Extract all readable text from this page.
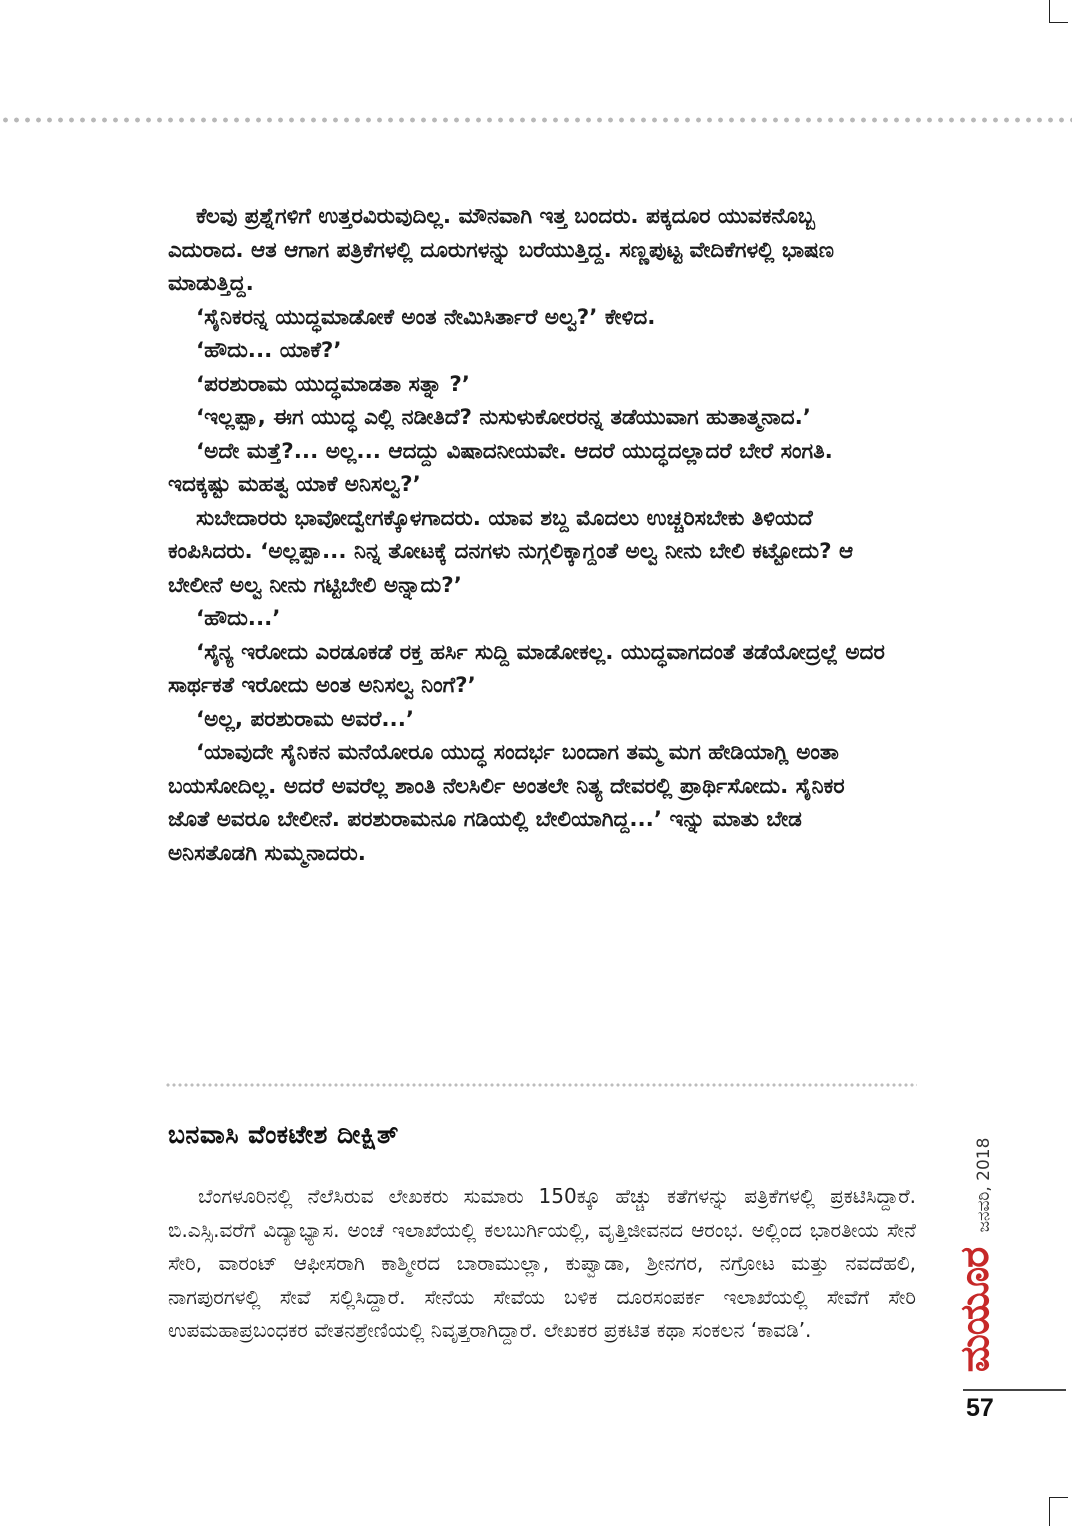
ಕೆಲವು ಪ್ರಶ್ನೆಗಳಿಗೆ ಉತ್ತರವಿರುವುದಿಲ್ಲ. ಮೌನವಾಗಿ ಇತ್ತ ಬಂದರು. ಪಕ್ಕದೂರ ಯುವಕನೊಬ್ಬ ಎದುರಾದ. ಆತ ಆಗಾಗ ಪತ್ರಿಕೆಗಳಲ್ಲಿ ದೂರುಗಳನ್ನು ಬರೆಯುತ್ತಿದ್ದ. ಸಣ್ಣಪುಟ್ಟ ವೇದಿಕೆಗಳಲ್ಲಿ ಭಾಷಣ ಮಾಡುತ್ತಿದ್ದ.

‘ಸೈನಿಕರನ್ನ ಯುದ್ಧಮಾಡೋಕೆ ಅಂತ ನೇಮಿಸಿರ್ತಾರೆ ಅಲ್ವ?’ ಕೇಳಿದ.

‘ಹೌದು... ಯಾಕೆ?’

‘ಪರಶುರಾಮ ಯುದ್ಧಮಾಡತಾ ಸತ್ನಾ ?’

‘ಇಲ್ಲಪ್ಪಾ, ಈಗ ಯುದ್ಧ ಎಲ್ಲಿ ನಡೀತಿದೆ? ನುಸುಳುಕೋರರನ್ನ ತಡೆಯುವಾಗ ಹುತಾತ್ಮನಾದ.’

‘ಅದೇ ಮತ್ತೆ?... ಅಲ್ಲ... ಆದದ್ದು ವಿಷಾದನೀಯವೇ. ಆದರೆ ಯುದ್ಧದಲ್ಲಾದರೆ ಬೇರೆ ಸಂಗತಿ. ಇದಕ್ಕಷ್ಟು ಮಹತ್ವ ಯಾಕೆ ಅನಿಸಲ್ವ?’

ಸುಬೇದಾರರು ಭಾವೋದ್ವೇಗಕ್ಕೊಳಗಾದರು. ಯಾವ ಶಬ್ದ ಮೊದಲು ಉಚ್ಚರಿಸಬೇಕು ತಿಳಿಯದೆ ಕಂಪಿಸಿದರು. ‘ಅಲ್ಲಪ್ಪಾ... ನಿನ್ನ ತೋಟಕ್ಕೆ ದನಗಳು ನುಗ್ಗಲಿಕ್ಕಾಗ್ದಂತೆ ಅಲ್ವ ನೀನು ಬೇಲಿ ಕಟ್ಟೋದು? ಆ ಬೇಲೀನೆ ಅಲ್ವ ನೀನು ಗಟ್ಟಿಬೇಲಿ ಅನ್ನಾದು?’

‘ಹೌದು...’

‘ಸೈನ್ಯ ಇರೋದು ಎರಡೂಕಡೆ ರಕ್ತ ಹರ್ಸಿ ಸುದ್ದಿ ಮಾಡೋಕಲ್ಲ. ಯುದ್ಧವಾಗದಂತೆ ತಡೆಯೋದ್ರಲ್ಲೆ ಅದರ ಸಾರ್ಥಕತೆ ಇರೋದು ಅಂತ ಅನಿಸಲ್ವ ನಿಂಗೆ?’

‘ಅಲ್ಲ, ಪರಶುರಾಮ ಅವರೆ...’

‘ಯಾವುದೇ ಸೈನಿಕನ ಮನೆಯೋರೂ ಯುದ್ಧ ಸಂದರ್ಭ ಬಂದಾಗ ತಮ್ಮ ಮಗ ಹೇಡಿಯಾಗ್ಲಿ ಅಂತಾ ಬಯಸೋದಿಲ್ಲ. ಅದರೆ ಅವರೆಲ್ಲ ಶಾಂತಿ ನೆಲಸಿರ್ಲಿ ಅಂತಲೇ ನಿತ್ಯ ದೇವರಲ್ಲಿ ಪ್ರಾರ್ಥಿಸೋದು. ಸೈನಿಕರ ಜೊತೆ ಅವರೂ ಬೇಲೀನೆ. ಪರಶುರಾಮನೂ ಗಡಿಯಲ್ಲಿ ಬೇಲಿಯಾಗಿದ್ದ...’ ಇನ್ನು ಮಾತು ಬೇಡ ಅನಿಸತೊಡಗಿ ಸುಮ್ಮನಾದರು.

ಬನವಾಸಿ ವೆಂಕಟೇಶ ದೀಕ್ಷಿತ್

ಬೆಂಗಳೂರಿನಲ್ಲಿ ನೆಲೆಸಿರುವ ಲೇಖಕರು ಸುಮಾರು 150ಕ್ಕೂ ಹೆಚ್ಚು ಕತೆಗಳನ್ನು ಪತ್ರಿಕೆಗಳಲ್ಲಿ ಪ್ರಕಟಿಸಿದ್ದಾರೆ. ಬಿ.ಎಸ್ಸಿ.ವರೆಗೆ ವಿದ್ಯಾಭ್ಯಾಸ. ಅಂಚೆ ಇಲಾಖೆಯಲ್ಲಿ ಕಲಬುರ್ಗಿಯಲ್ಲಿ, ವೃತ್ತಿಜೀವನದ ಆರಂಭ. ಅಲ್ಲಿಂದ ಭಾರತೀಯ ಸೇನೆ ಸೇರಿ, ವಾರಂಟ್ ಆಫೀಸರಾಗಿ ಕಾಶ್ಮೀರದ ಬಾರಾಮುಲ್ಲಾ, ಕುಪ್ವಾಡಾ, ಶ್ರೀನಗರ, ನಗ್ರೋಟ ಮತ್ತು ನವದೆಹಲಿ, ನಾಗಪುರಗಳಲ್ಲಿ ಸೇವೆ ಸಲ್ಲಿಸಿದ್ದಾರೆ. ಸೇನೆಯ ಸೇವೆಯ ಬಳಿಕ ದೂರಸಂಪರ್ಕ ಇಲಾಖೆಯಲ್ಲಿ ಸೇವೆಗೆ ಸೇರಿ ಉಪಮಹಾಪ್ರಬಂಧಕರ ವೇತನಶ್ರೇಣಿಯಲ್ಲಿ ನಿವೃತ್ತರಾಗಿದ್ದಾರೆ. ಲೇಖಕರ ಪ್ರಕಟಿತ ಕಥಾ ಸಂಕಲನ ‘ಕಾವಡಿ’.

ಜನವರಿ, 2018
ಮಯೂರ
57
